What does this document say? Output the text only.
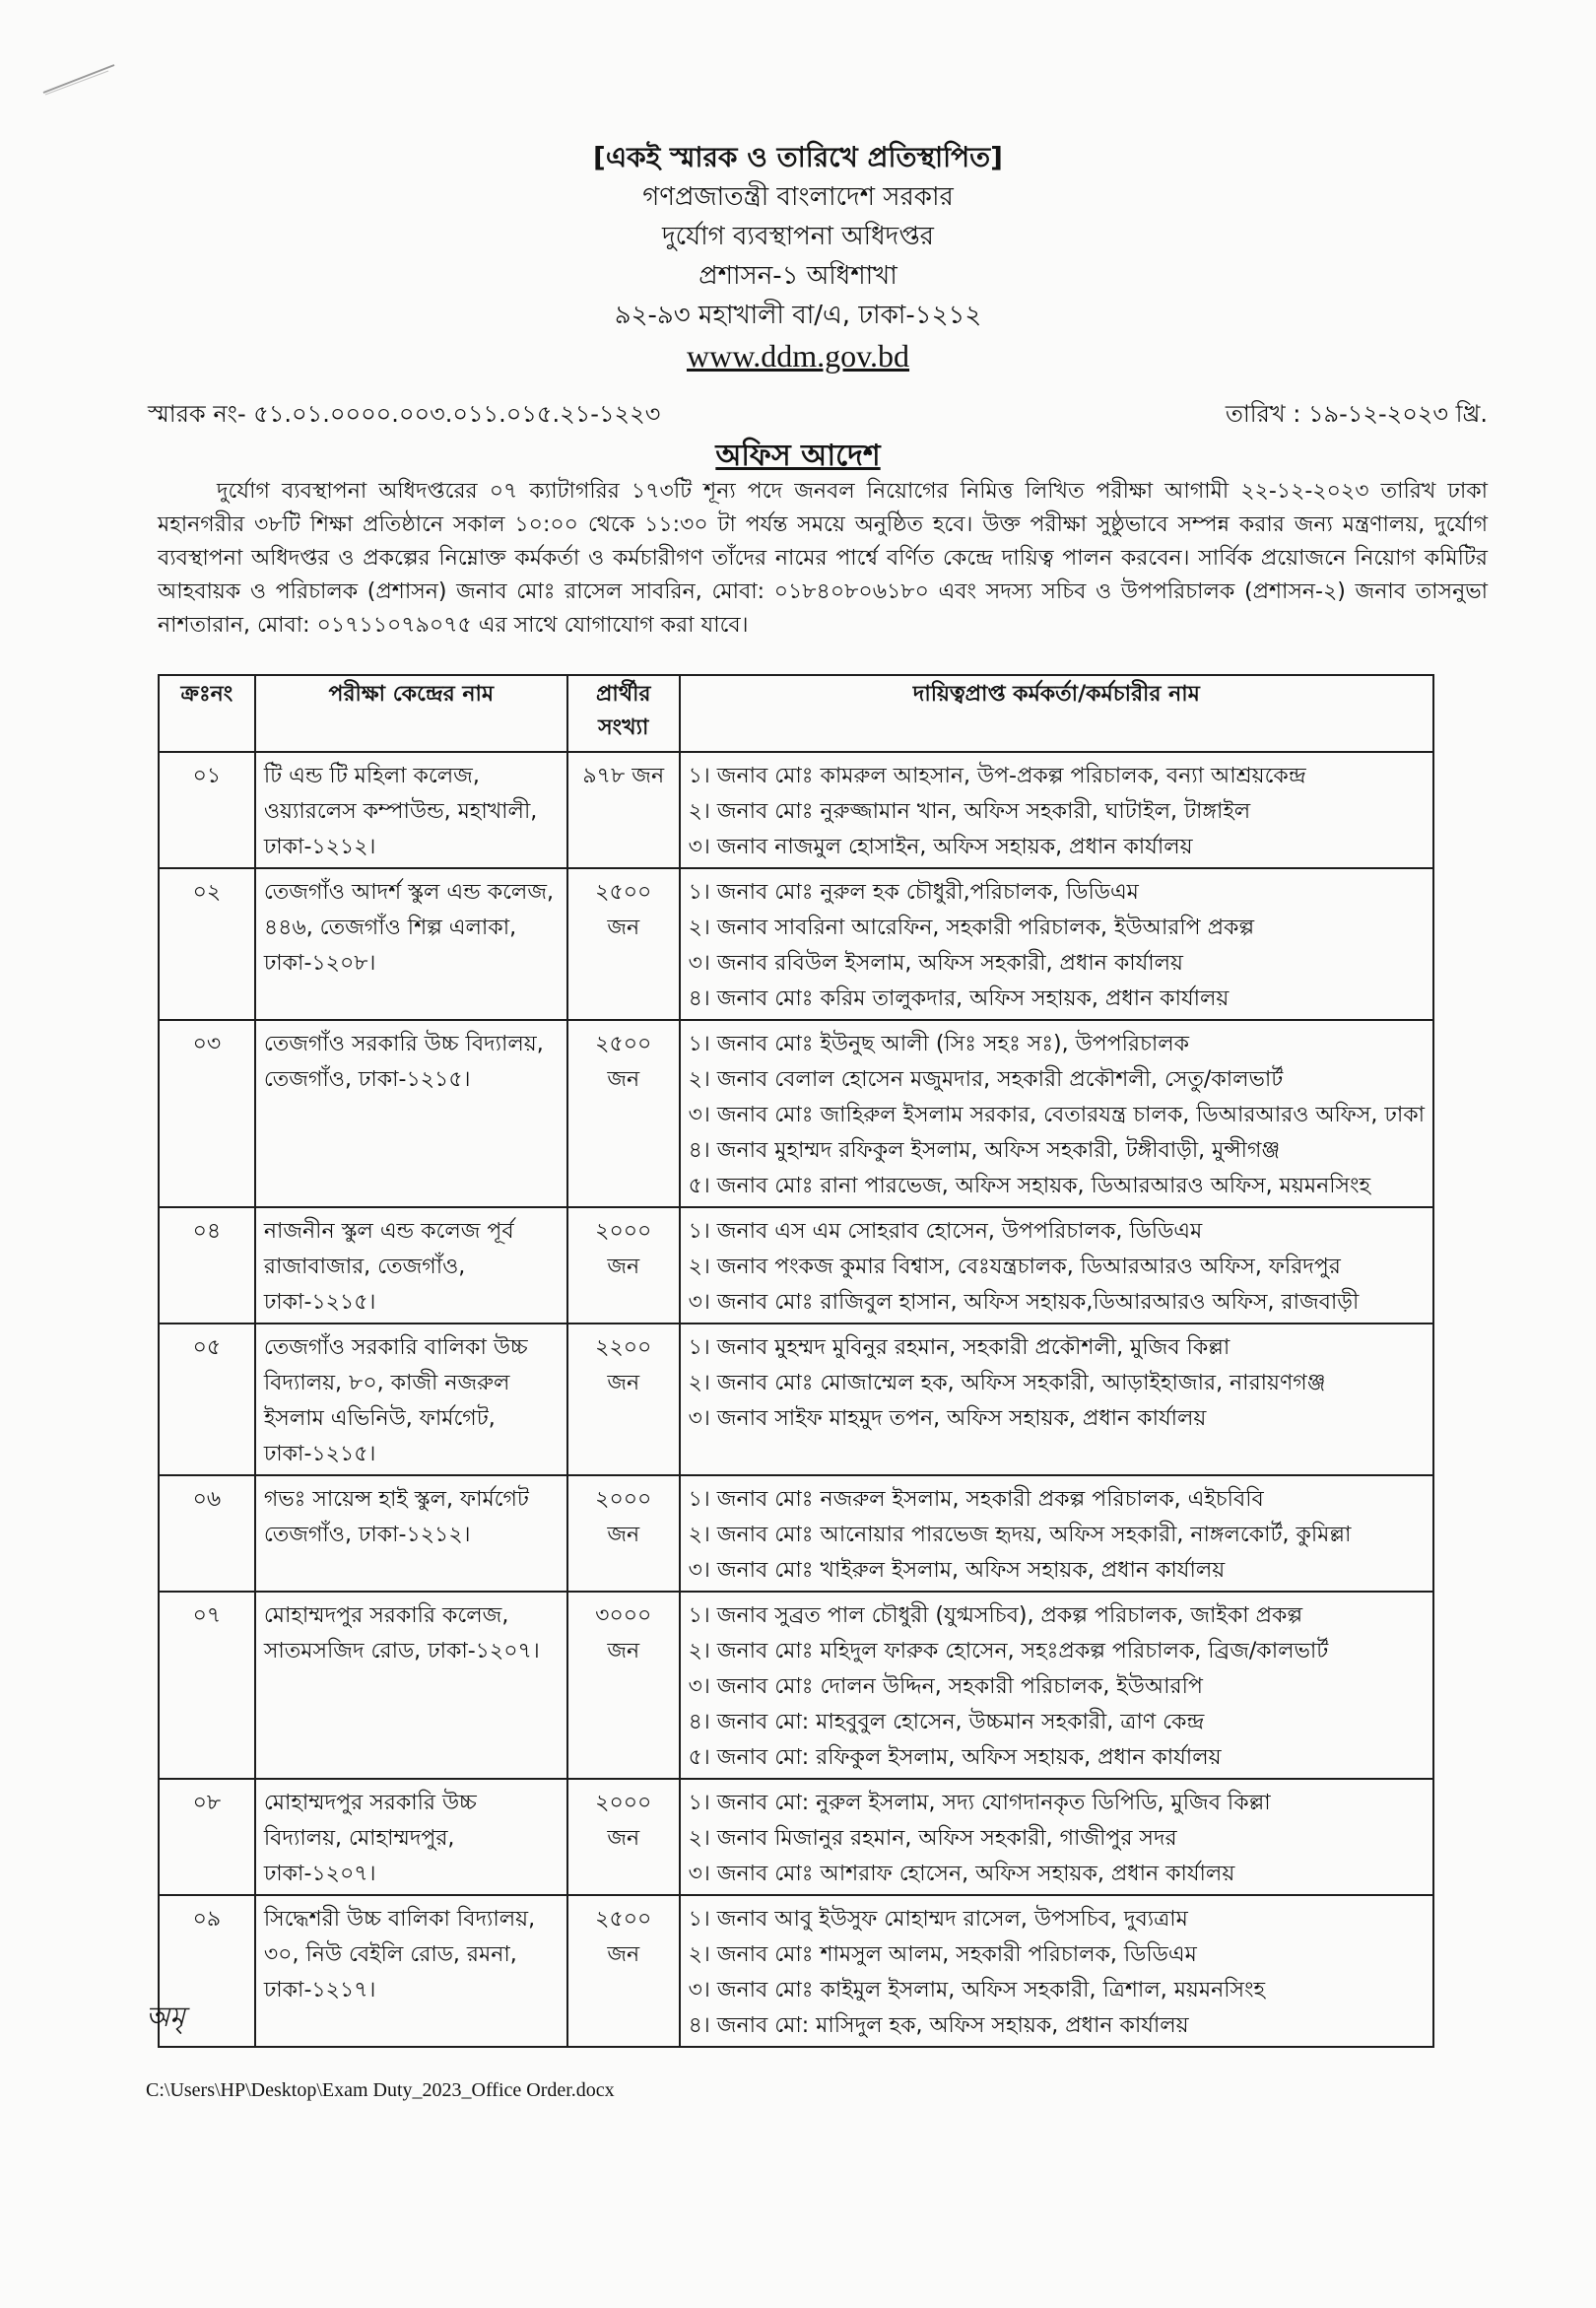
[একই স্মারক ও তারিখে প্রতিস্থাপিত]
গণপ্রজাতন্ত্রী বাংলাদেশ সরকার
দুর্যোগ ব্যবস্থাপনা অধিদপ্তর
প্রশাসন-১ অধিশাখা
৯২-৯৩ মহাখালী বা/এ, ঢাকা-১২১২
www.ddm.gov.bd
স্মারক নং- ৫১.০১.০০০০.০০৩.০১১.০১৫.২১-১২২৩	তারিখ : ১৯-১২-২০২৩ খ্রি.
অফিস আদেশ
দুর্যোগ ব্যবস্থাপনা অধিদপ্তরের ০৭ ক্যাটাগরির ১৭৩টি শূন্য পদে জনবল নিয়োগের নিমিত্ত লিখিত পরীক্ষা আগামী ২২-১২-২০২৩ তারিখ ঢাকা মহানগরীর ৩৮টি শিক্ষা প্রতিষ্ঠানে সকাল ১০:০০ থেকে ১১:৩০ টা পর্যন্ত সময়ে অনুষ্ঠিত হবে। উক্ত পরীক্ষা সুষ্ঠুভাবে সম্পন্ন করার জন্য মন্ত্রণালয়, দুর্যোগ ব্যবস্থাপনা অধিদপ্তর ও প্রকল্পের নিম্নোক্ত কর্মকর্তা ও কর্মচারীগণ তাঁদের নামের পার্শ্বে বর্ণিত কেন্দ্রে দায়িত্ব পালন করবেন। সার্বিক প্রয়োজনে নিয়োগ কমিটির আহবায়ক ও পরিচালক (প্রশাসন) জনাব মোঃ রাসেল সাবরিন, মোবা: ০১৮৪০৮০৬১৮০ এবং সদস্য সচিব ও উপপরিচালক (প্রশাসন-২) জনাব তাসনুভা নাশতারান, মোবা: ০১৭১১০৭৯০৭৫ এর সাথে যোগাযোগ করা যাবে।
ক্রঃনং	পরীক্ষা কেন্দ্রের নাম	প্রার্থীর সংখ্যা	দায়িত্বপ্রাপ্ত কর্মকর্তা/কর্মচারীর নাম
০১	টি এন্ড টি মহিলা কলেজ, ওয়্যারলেস কম্পাউন্ড, মহাখালী, ঢাকা-১২১২।	৯৭৮ জন	১। জনাব মোঃ কামরুল আহসান, উপ-প্রকল্প পরিচালক, বন্যা আশ্রয়কেন্দ্র
২। জনাব মোঃ নুরুজ্জামান খান, অফিস সহকারী, ঘাটাইল, টাঙ্গাইল
৩। জনাব নাজমুল হোসাইন, অফিস সহায়ক, প্রধান কার্যালয়

০২	তেজগাঁও আদর্শ স্কুল এন্ড কলেজ, ৪৪৬, তেজগাঁও শিল্প এলাকা, ঢাকা-১২০৮।	২৫০০ জন	১। জনাব মোঃ নুরুল হক চৌধুরী,পরিচালক, ডিডিএম
২। জনাব সাবরিনা আরেফিন, সহকারী পরিচালক, ইউআরপি প্রকল্প
৩। জনাব রবিউল ইসলাম, অফিস সহকারী, প্রধান কার্যালয়
৪। জনাব মোঃ করিম তালুকদার, অফিস সহায়ক, প্রধান কার্যালয়

০৩	তেজগাঁও সরকারি উচ্চ বিদ্যালয়, তেজগাঁও, ঢাকা-১২১৫।	২৫০০ জন	১। জনাব মোঃ ইউনুছ আলী (সিঃ সহঃ সঃ), উপপরিচালক
২। জনাব বেলাল হোসেন মজুমদার, সহকারী প্রকৌশলী, সেতু/কালভার্ট
৩। জনাব মোঃ জাহিরুল ইসলাম সরকার, বেতারযন্ত্র চালক, ডিআরআরও অফিস, ঢাকা
৪। জনাব মুহাম্মদ রফিকুল ইসলাম, অফিস সহকারী, টঙ্গীবাড়ী, মুন্সীগঞ্জ
৫। জনাব মোঃ রানা পারভেজ, অফিস সহায়ক, ডিআরআরও অফিস, ময়মনসিংহ

০৪	নাজনীন স্কুল এন্ড কলেজ পূর্ব রাজাবাজার, তেজগাঁও, ঢাকা-১২১৫।	২০০০ জন	১। জনাব এস এম সোহরাব হোসেন, উপপরিচালক, ডিডিএম
২। জনাব পংকজ কুমার বিশ্বাস, বেঃযন্ত্রচালক, ডিআরআরও অফিস, ফরিদপুর
৩। জনাব মোঃ রাজিবুল হাসান, অফিস সহায়ক,ডিআরআরও অফিস, রাজবাড়ী

০৫	তেজগাঁও সরকারি বালিকা উচ্চ বিদ্যালয়, ৮০, কাজী নজরুল ইসলাম এভিনিউ, ফার্মগেট, ঢাকা-১২১৫।	২২০০ জন	১। জনাব মুহম্মদ মুবিনুর রহমান, সহকারী প্রকৌশলী, মুজিব কিল্লা
২। জনাব মোঃ মোজাম্মেল হক, অফিস সহকারী, আড়াইহাজার, নারায়ণগঞ্জ
৩। জনাব সাইফ মাহমুদ তপন, অফিস সহায়ক, প্রধান কার্যালয়

০৬	গভঃ সায়েন্স হাই স্কুল, ফার্মগেট তেজগাঁও, ঢাকা-১২১২।	২০০০ জন	১। জনাব মোঃ নজরুল ইসলাম, সহকারী প্রকল্প পরিচালক, এইচবিবি
২। জনাব মোঃ আনোয়ার পারভেজ হৃদয়, অফিস সহকারী, নাঙ্গলকোর্ট, কুমিল্লা
৩। জনাব মোঃ খাইরুল ইসলাম, অফিস সহায়ক, প্রধান কার্যালয়

০৭	মোহাম্মদপুর সরকারি কলেজ, সাতমসজিদ রোড, ঢাকা-১২০৭।	৩০০০ জন	১। জনাব সুব্রত পাল চৌধুরী (যুগ্মসচিব), প্রকল্প পরিচালক, জাইকা প্রকল্প
২। জনাব মোঃ মহিদুল ফারুক হোসেন, সহঃপ্রকল্প পরিচালক, ব্রিজ/কালভার্ট
৩। জনাব মোঃ দোলন উদ্দিন, সহকারী পরিচালক, ইউআরপি
৪। জনাব মো: মাহবুবুল হোসেন, উচ্চমান সহকারী, ত্রাণ কেন্দ্র
৫। জনাব মো: রফিকুল ইসলাম, অফিস সহায়ক, প্রধান কার্যালয়

০৮	মোহাম্মদপুর সরকারি উচ্চ বিদ্যালয়, মোহাম্মদপুর, ঢাকা-১২০৭।	২০০০ জন	১। জনাব মো: নুরুল ইসলাম, সদ্য যোগদানকৃত ডিপিডি, মুজিব কিল্লা
২। জনাব মিজানুর রহমান, অফিস সহকারী, গাজীপুর সদর
৩। জনাব মোঃ আশরাফ হোসেন, অফিস সহায়ক, প্রধান কার্যালয়

০৯	সিদ্ধেশরী উচ্চ বালিকা বিদ্যালয়, ৩০, নিউ বেইলি রোড, রমনা, ঢাকা-১২১৭।	২৫০০ জন	১। জনাব আবু ইউসুফ মোহাম্মদ রাসেল, উপসচিব, দুব্যত্রাম
২। জনাব মোঃ শামসুল আলম, সহকারী পরিচালক, ডিডিএম
৩। জনাব মোঃ কাইমুল ইসলাম, অফিস সহকারী, ত্রিশাল, ময়মনসিংহ
৪। জনাব মো: মাসিদুল হক, অফিস সহায়ক, প্রধান কার্যালয়
অমৃ
C:\Users\HP\Desktop\Exam Duty_2023_Office Order.docx
